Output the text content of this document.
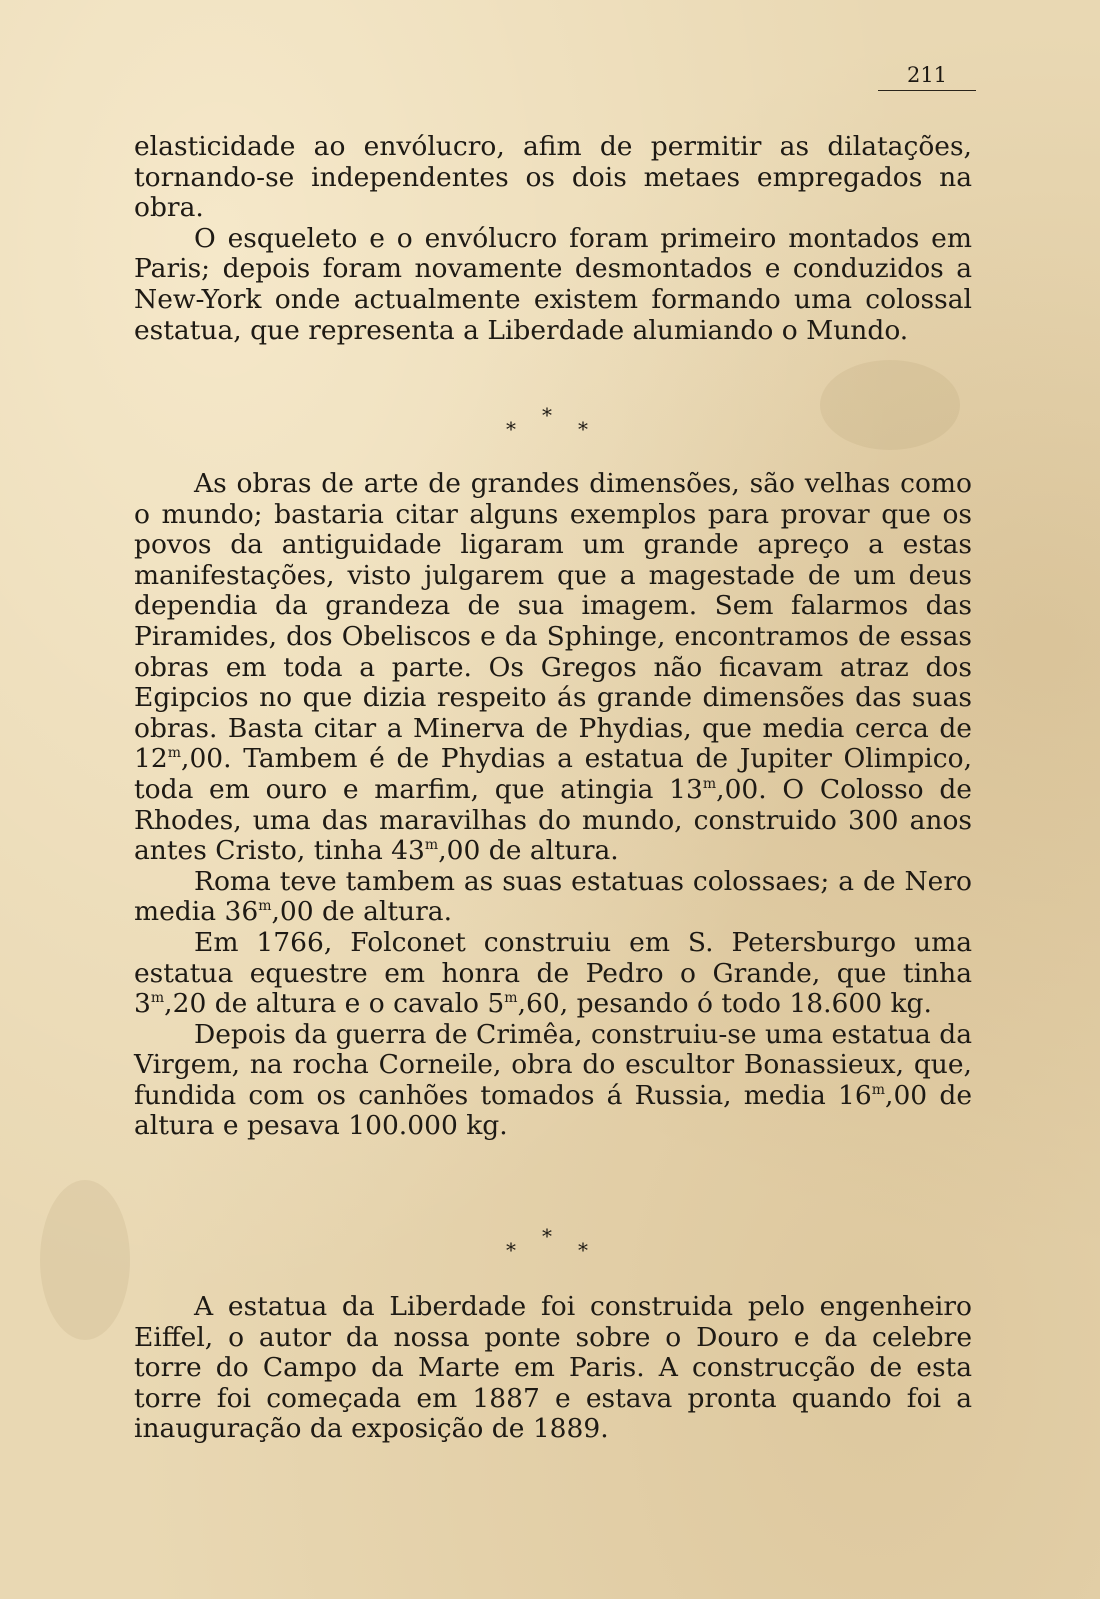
211

elasticidade ao envólucro, afim de permitir as dilatações, tornando-se independentes os dois metaes empregados na obra.

O esqueleto e o envólucro foram primeiro montados em Paris; depois foram novamente desmontados e conduzidos a New-York onde actualmente existem formando uma colossal estatua, que representa a Liberdade alumiando o Mundo.

*
*	*

As obras de arte de grandes dimensões, são velhas como o mundo; bastaria citar alguns exemplos para provar que os povos da antiguidade ligaram um grande apreço a estas manifestações, visto julgarem que a magestade de um deus dependia da grandeza de sua imagem. Sem falarmos das Piramides, dos Obeliscos e da Sphinge, encontramos de essas obras em toda a parte. Os Gregos não ficavam atraz dos Egipcios no que dizia respeito ás grande dimensões das suas obras. Basta citar a Minerva de Phydias, que media cerca de 12$^m$,00. Tambem é de Phydias a estatua de Jupiter Olimpico, toda em ouro e marfim, que atingia 13$^m$,00. O Colosso de Rhodes, uma das maravilhas do mundo, construido 300 anos antes Cristo, tinha 43$^m$,00 de altura.

Roma teve tambem as suas estatuas colossaes; a de Nero media 36$^m$,00 de altura.

Em 1766, Folconet construiu em S. Petersburgo uma estatua equestre em honra de Pedro o Grande, que tinha 3$^m$,20 de altura e o cavalo 5$^m$,60, pesando ó todo 18.600 kg.

Depois da guerra de Crimêa, construiu-se uma estatua da Virgem, na rocha Corneile, obra do escultor Bonassieux, que, fundida com os canhões tomados á Russia, media 16$^m$,00 de altura e pesava 100.000 kg.

*
*	*

A estatua da Liberdade foi construida pelo engenheiro Eiffel, o autor da nossa ponte sobre o Douro e da celebre torre do Campo da Marte em Paris. A construcção de esta torre foi começada em 1887 e estava pronta quando foi a inauguração da exposição de 1889.
